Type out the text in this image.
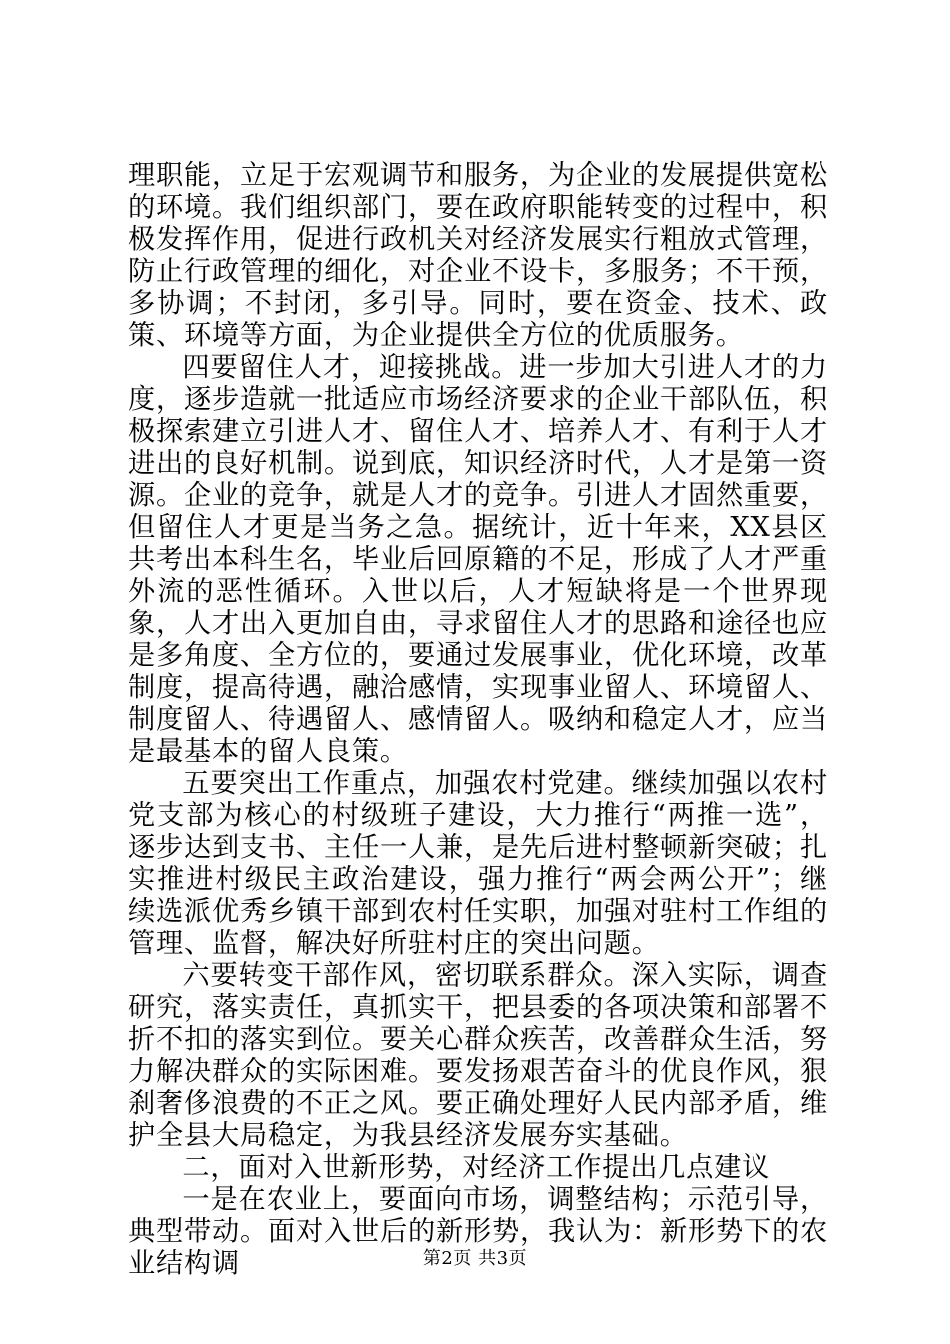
理职能，立足于宏观调节和服务，为企业的发展提供宽松的环境。我们组织部门，要在政府职能转变的过程中，积极发挥作用，促进行政机关对经济发展实行粗放式管理，防止行政管理的细化，对企业不设卡，多服务；不干预，多协调；不封闭，多引导。同时，要在资金、技术、政策、环境等方面，为企业提供全方位的优质服务。

四要留住人才，迎接挑战。进一步加大引进人才的力度，逐步造就一批适应市场经济要求的企业干部队伍，积极探索建立引进人才、留住人才、培养人才、有利于人才进出的良好机制。说到底，知识经济时代，人才是第一资源。企业的竞争，就是人才的竞争。引进人才固然重要，但留住人才更是当务之急。据统计，近十年来，XX县区共考出本科生名，毕业后回原籍的不足，形成了人才严重外流的恶性循环。入世以后，人才短缺将是一个世界现象，人才出入更加自由，寻求留住人才的思路和途径也应是多角度、全方位的，要通过发展事业，优化环境，改革制度，提高待遇，融洽感情，实现事业留人、环境留人、制度留人、待遇留人、感情留人。吸纳和稳定人才，应当是最基本的留人良策。

五要突出工作重点，加强农村党建。继续加强以农村党支部为核心的村级班子建设，大力推行“两推一选”，逐步达到支书、主任一人兼，是先后进村整顿新突破；扎实推进村级民主政治建设，强力推行“两会两公开”；继续选派优秀乡镇干部到农村任实职，加强对驻村工作组的管理、监督，解决好所驻村庄的突出问题。

六要转变干部作风，密切联系群众。深入实际，调查研究，落实责任，真抓实干，把县委的各项决策和部署不折不扣的落实到位。要关心群众疾苦，改善群众生活，努力解决群众的实际困难。要发扬艰苦奋斗的优良作风，狠刹奢侈浪费的不正之风。要正确处理好人民内部矛盾，维护全县大局稳定，为我县经济发展夯实基础。

二，面对入世新形势，对经济工作提出几点建议

一是在农业上，要面向市场，调整结构；示范引导，典型带动。面对入世后的新形势，我认为：新形势下的农业结构调	第2页 共3页
